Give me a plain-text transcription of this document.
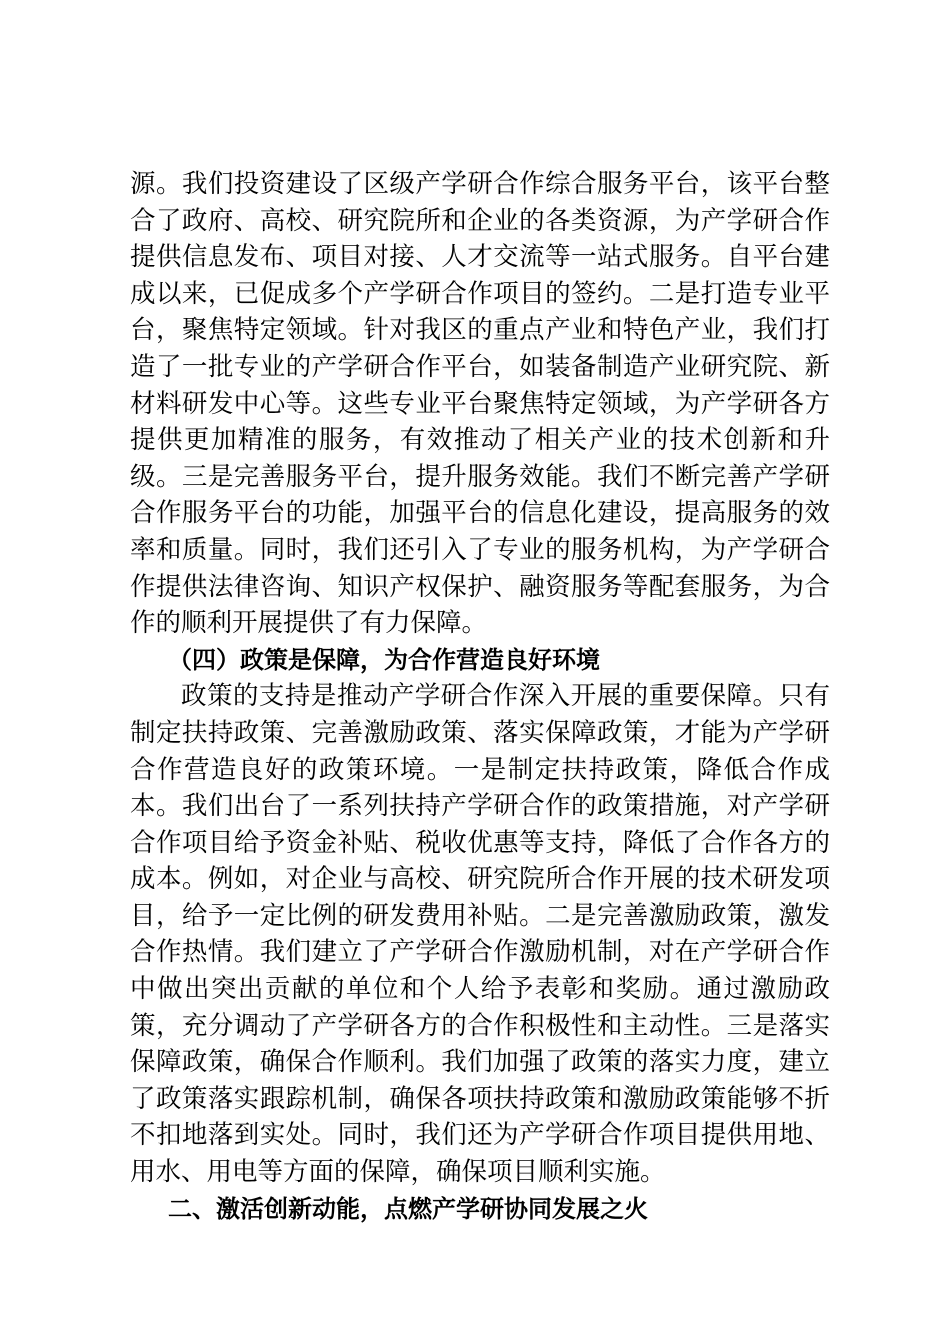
源。我们投资建设了区级产学研合作综合服务平台，该平台整合了政府、高校、研究院所和企业的各类资源，为产学研合作提供信息发布、项目对接、人才交流等一站式服务。自平台建成以来，已促成多个产学研合作项目的签约。二是打造专业平台，聚焦特定领域。针对我区的重点产业和特色产业，我们打造了一批专业的产学研合作平台，如装备制造产业研究院、新材料研发中心等。这些专业平台聚焦特定领域，为产学研各方提供更加精准的服务，有效推动了相关产业的技术创新和升级。三是完善服务平台，提升服务效能。我们不断完善产学研合作服务平台的功能，加强平台的信息化建设，提高服务的效率和质量。同时，我们还引入了专业的服务机构，为产学研合作提供法律咨询、知识产权保护、融资服务等配套服务，为合作的顺利开展提供了有力保障。

（四）政策是保障，为合作营造良好环境

政策的支持是推动产学研合作深入开展的重要保障。只有制定扶持政策、完善激励政策、落实保障政策，才能为产学研合作营造良好的政策环境。一是制定扶持政策，降低合作成本。我们出台了一系列扶持产学研合作的政策措施，对产学研合作项目给予资金补贴、税收优惠等支持，降低了合作各方的成本。例如，对企业与高校、研究院所合作开展的技术研发项目，给予一定比例的研发费用补贴。二是完善激励政策，激发合作热情。我们建立了产学研合作激励机制，对在产学研合作中做出突出贡献的单位和个人给予表彰和奖励。通过激励政策，充分调动了产学研各方的合作积极性和主动性。三是落实保障政策，确保合作顺利。我们加强了政策的落实力度，建立了政策落实跟踪机制，确保各项扶持政策和激励政策能够不折不扣地落到实处。同时，我们还为产学研合作项目提供用地、用水、用电等方面的保障，确保项目顺利实施。

二、激活创新动能，点燃产学研协同发展之火
